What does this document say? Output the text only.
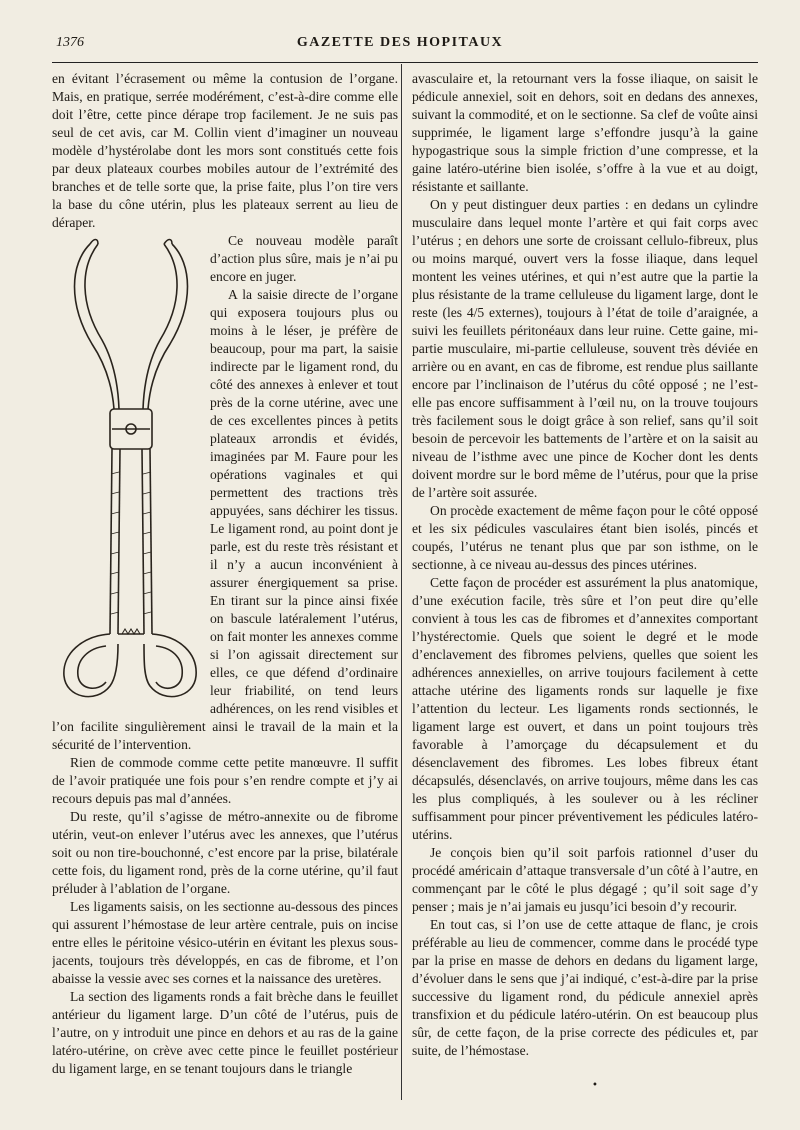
1376	GAZETTE DES HOPITAUX

en évitant l’écrasement ou même la contusion de l’organe. Mais, en pratique, serrée modérément, c’est-à-dire comme elle doit l’être, cette pince dérape trop facilement. Je ne suis pas seul de cet avis, car M. Collin vient d’imaginer un nouveau modèle d’hystérolabe dont les mors sont constitués cette fois par deux plateaux courbes mobiles autour de l’extrémité des branches et de telle sorte que, la prise faite, plus l’on tire vers la base du cône utérin, plus les plateaux serrent au lieu de déraper.

Ce nouveau modèle paraît d’action plus sûre, mais je n’ai pu encore en juger.

A la saisie directe de l’organe qui exposera toujours plus ou moins à le léser, je préfère de beaucoup, pour ma part, la saisie indirecte par le ligament rond, du côté des annexes à enlever et tout près de la corne utérine, avec une de ces excellentes pinces à petits plateaux arrondis et évidés, imaginées par M. Faure pour les opérations vaginales et qui permettent des tractions très appuyées, sans déchirer les tissus. Le ligament rond, au point dont je parle, est du reste très résistant et il n’y a aucun inconvénient à assurer énergiquement sa prise. En tirant sur la pince ainsi fixée on bascule latéralement l’utérus, on fait monter les annexes comme si l’on agissait directement sur elles, ce que défend d’ordinaire leur friabilité, on tend leurs adhérences, on les rend visibles et l’on facilite singulièrement ainsi le travail de la main et la sécurité de l’intervention.

Rien de commode comme cette petite manœuvre. Il suffit de l’avoir pratiquée une fois pour s’en rendre compte et j’y ai recours depuis pas mal d’années.

Du reste, qu’il s’agisse de métro-annexite ou de fibrome utérin, veut-on enlever l’utérus avec les annexes, que l’utérus soit ou non tire-bouchonné, c’est encore par la prise, bilatérale cette fois, du ligament rond, près de la corne utérine, qu’il faut préluder à l’ablation de l’organe.

Les ligaments saisis, on les sectionne au-dessous des pinces qui assurent l’hémostase de leur artère centrale, puis on incise entre elles le péritoine vésico-utérin en évitant les plexus sous-jacents, toujours très développés, en cas de fibrome, et l’on abaisse la vessie avec ses cornes et la naissance des uretères.

La section des ligaments ronds a fait brèche dans le feuillet antérieur du ligament large. D’un côté de l’utérus, puis de l’autre, on y introduit une pince en dehors et au ras de la gaine latéro-utérine, on crève avec cette pince le feuillet postérieur du ligament large, en se tenant toujours dans le triangle

avasculaire et, la retournant vers la fosse iliaque, on saisit le pédicule annexiel, soit en dehors, soit en dedans des annexes, suivant la commodité, et on le sectionne. Sa clef de voûte ainsi supprimée, le ligament large s’effondre jusqu’à la gaine hypogastrique sous la simple friction d’une compresse, et la gaine latéro-utérine bien isolée, s’offre à la vue et au doigt, résistante et saillante.

On y peut distinguer deux parties : en dedans un cylindre musculaire dans lequel monte l’artère et qui fait corps avec l’utérus ; en dehors une sorte de croissant cellulo-fibreux, plus ou moins marqué, ouvert vers la fosse iliaque, dans lequel montent les veines utérines, et qui n’est autre que la partie la plus résistante de la trame celluleuse du ligament large, dont le reste (les 4/5 externes), toujours à l’état de toile d’araignée, a suivi les feuillets péritonéaux dans leur ruine. Cette gaine, mi-partie musculaire, mi-partie celluleuse, souvent très déviée en arrière ou en avant, en cas de fibrome, est rendue plus saillante encore par l’inclinaison de l’utérus du côté opposé ; ne l’est-elle pas encore suffisamment à l’œil nu, on la trouve toujours très facilement sous le doigt grâce à son relief, sans qu’il soit besoin de percevoir les battements de l’artère et on la saisit au niveau de l’isthme avec une pince de Kocher dont les dents doivent mordre sur le bord même de l’utérus, pour que la prise de l’artère soit assurée.

On procède exactement de même façon pour le côté opposé et les six pédicules vasculaires étant bien isolés, pincés et coupés, l’utérus ne tenant plus que par son isthme, on le sectionne, à ce niveau au-dessus des pinces utérines.

Cette façon de procéder est assurément la plus anatomique, d’une exécution facile, très sûre et l’on peut dire qu’elle convient à tous les cas de fibromes et d’annexites comportant l’hystérectomie. Quels que soient le degré et le mode d’enclavement des fibromes pelviens, quelles que soient les adhérences annexielles, on arrive toujours facilement à cette attache utérine des ligaments ronds sur laquelle je fixe l’attention du lecteur. Les ligaments ronds sectionnés, le ligament large est ouvert, et dans un point toujours très favorable à l’amorçage du décapsulement et du désenclavement des fibromes. Les lobes fibreux étant décapsulés, désenclavés, on arrive toujours, même dans les cas les plus compliqués, à les soulever ou à les récliner suffisamment pour pincer préventivement les pédicules latéro-utérins.

Je conçois bien qu’il soit parfois rationnel d’user du procédé américain d’attaque transversale d’un côté à l’autre, en commençant par le côté le plus dégagé ; qu’il soit sage d’y penser ; mais je n’ai jamais eu jusqu’ici besoin d’y recourir.

En tout cas, si l’on use de cette attaque de flanc, je crois préférable au lieu de commencer, comme dans le procédé type par la prise en masse de dehors en dedans du ligament large, d’évoluer dans le sens que j’ai indiqué, c’est-à-dire par la prise successive du ligament rond, du pédicule annexiel après transfixion et du pédicule latéro-utérin. On est beaucoup plus sûr, de cette façon, de la prise correcte des pédicules et, par suite, de l’hémostase.

•
